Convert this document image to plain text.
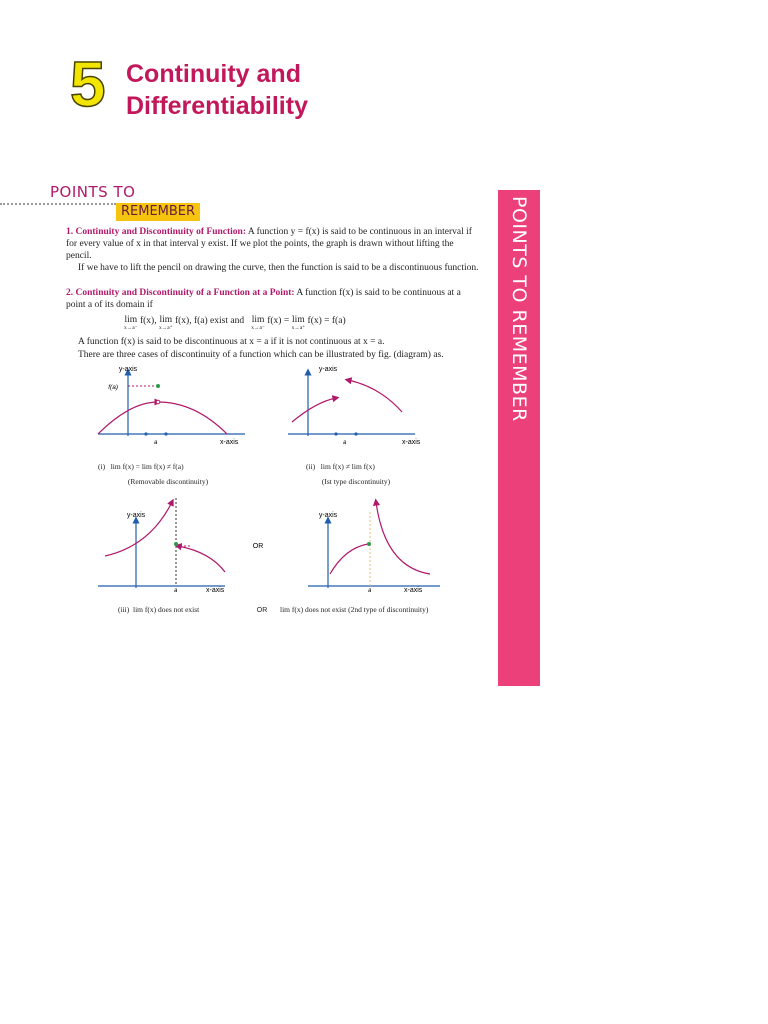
5 Continuity and
Differentiability
POINTS TO
REMEMBER	POINTS TO REMEMBER
1. Continuity and Discontinuity of Function: A function y = f(x) is said to be continuous in an interval if for every value of x in that interval y exist. If we plot the points, the graph is drawn without lifting the pencil.
If we have to lift the pencil on drawing the curve, then the function is said to be a discontinuous function.
2. Continuity and Discontinuity of a Function at a Point: A function f(x) is said to be continuous at a point a of its domain if
lim
x→a⁻
f(x), lim
x→a⁺
f(x), f(a) exist and lim
x→a⁻
f(x) = lim
x→a⁺
f(x) = f(a)
A function f(x) is said to be discontinuous at x = a if it is not continuous at x = a.
There are three cases of discontinuity of a function which can be illustrated by fig. (diagram) as.
y-axis
x-axis
f(a)
a
y-axis
x-axis
a
y-axis
x-axis
a
OR
y-axis
x-axis
a
(i) lim f(x) = lim f(x) ≠ f(a)
(Removable discontinuity)
(ii) lim f(x) ≠ lim f(x)
(Ist type discontinuity)
(iii) lim f(x) does not exist	OR	lim f(x) does not exist (2nd type of discontinuity)
